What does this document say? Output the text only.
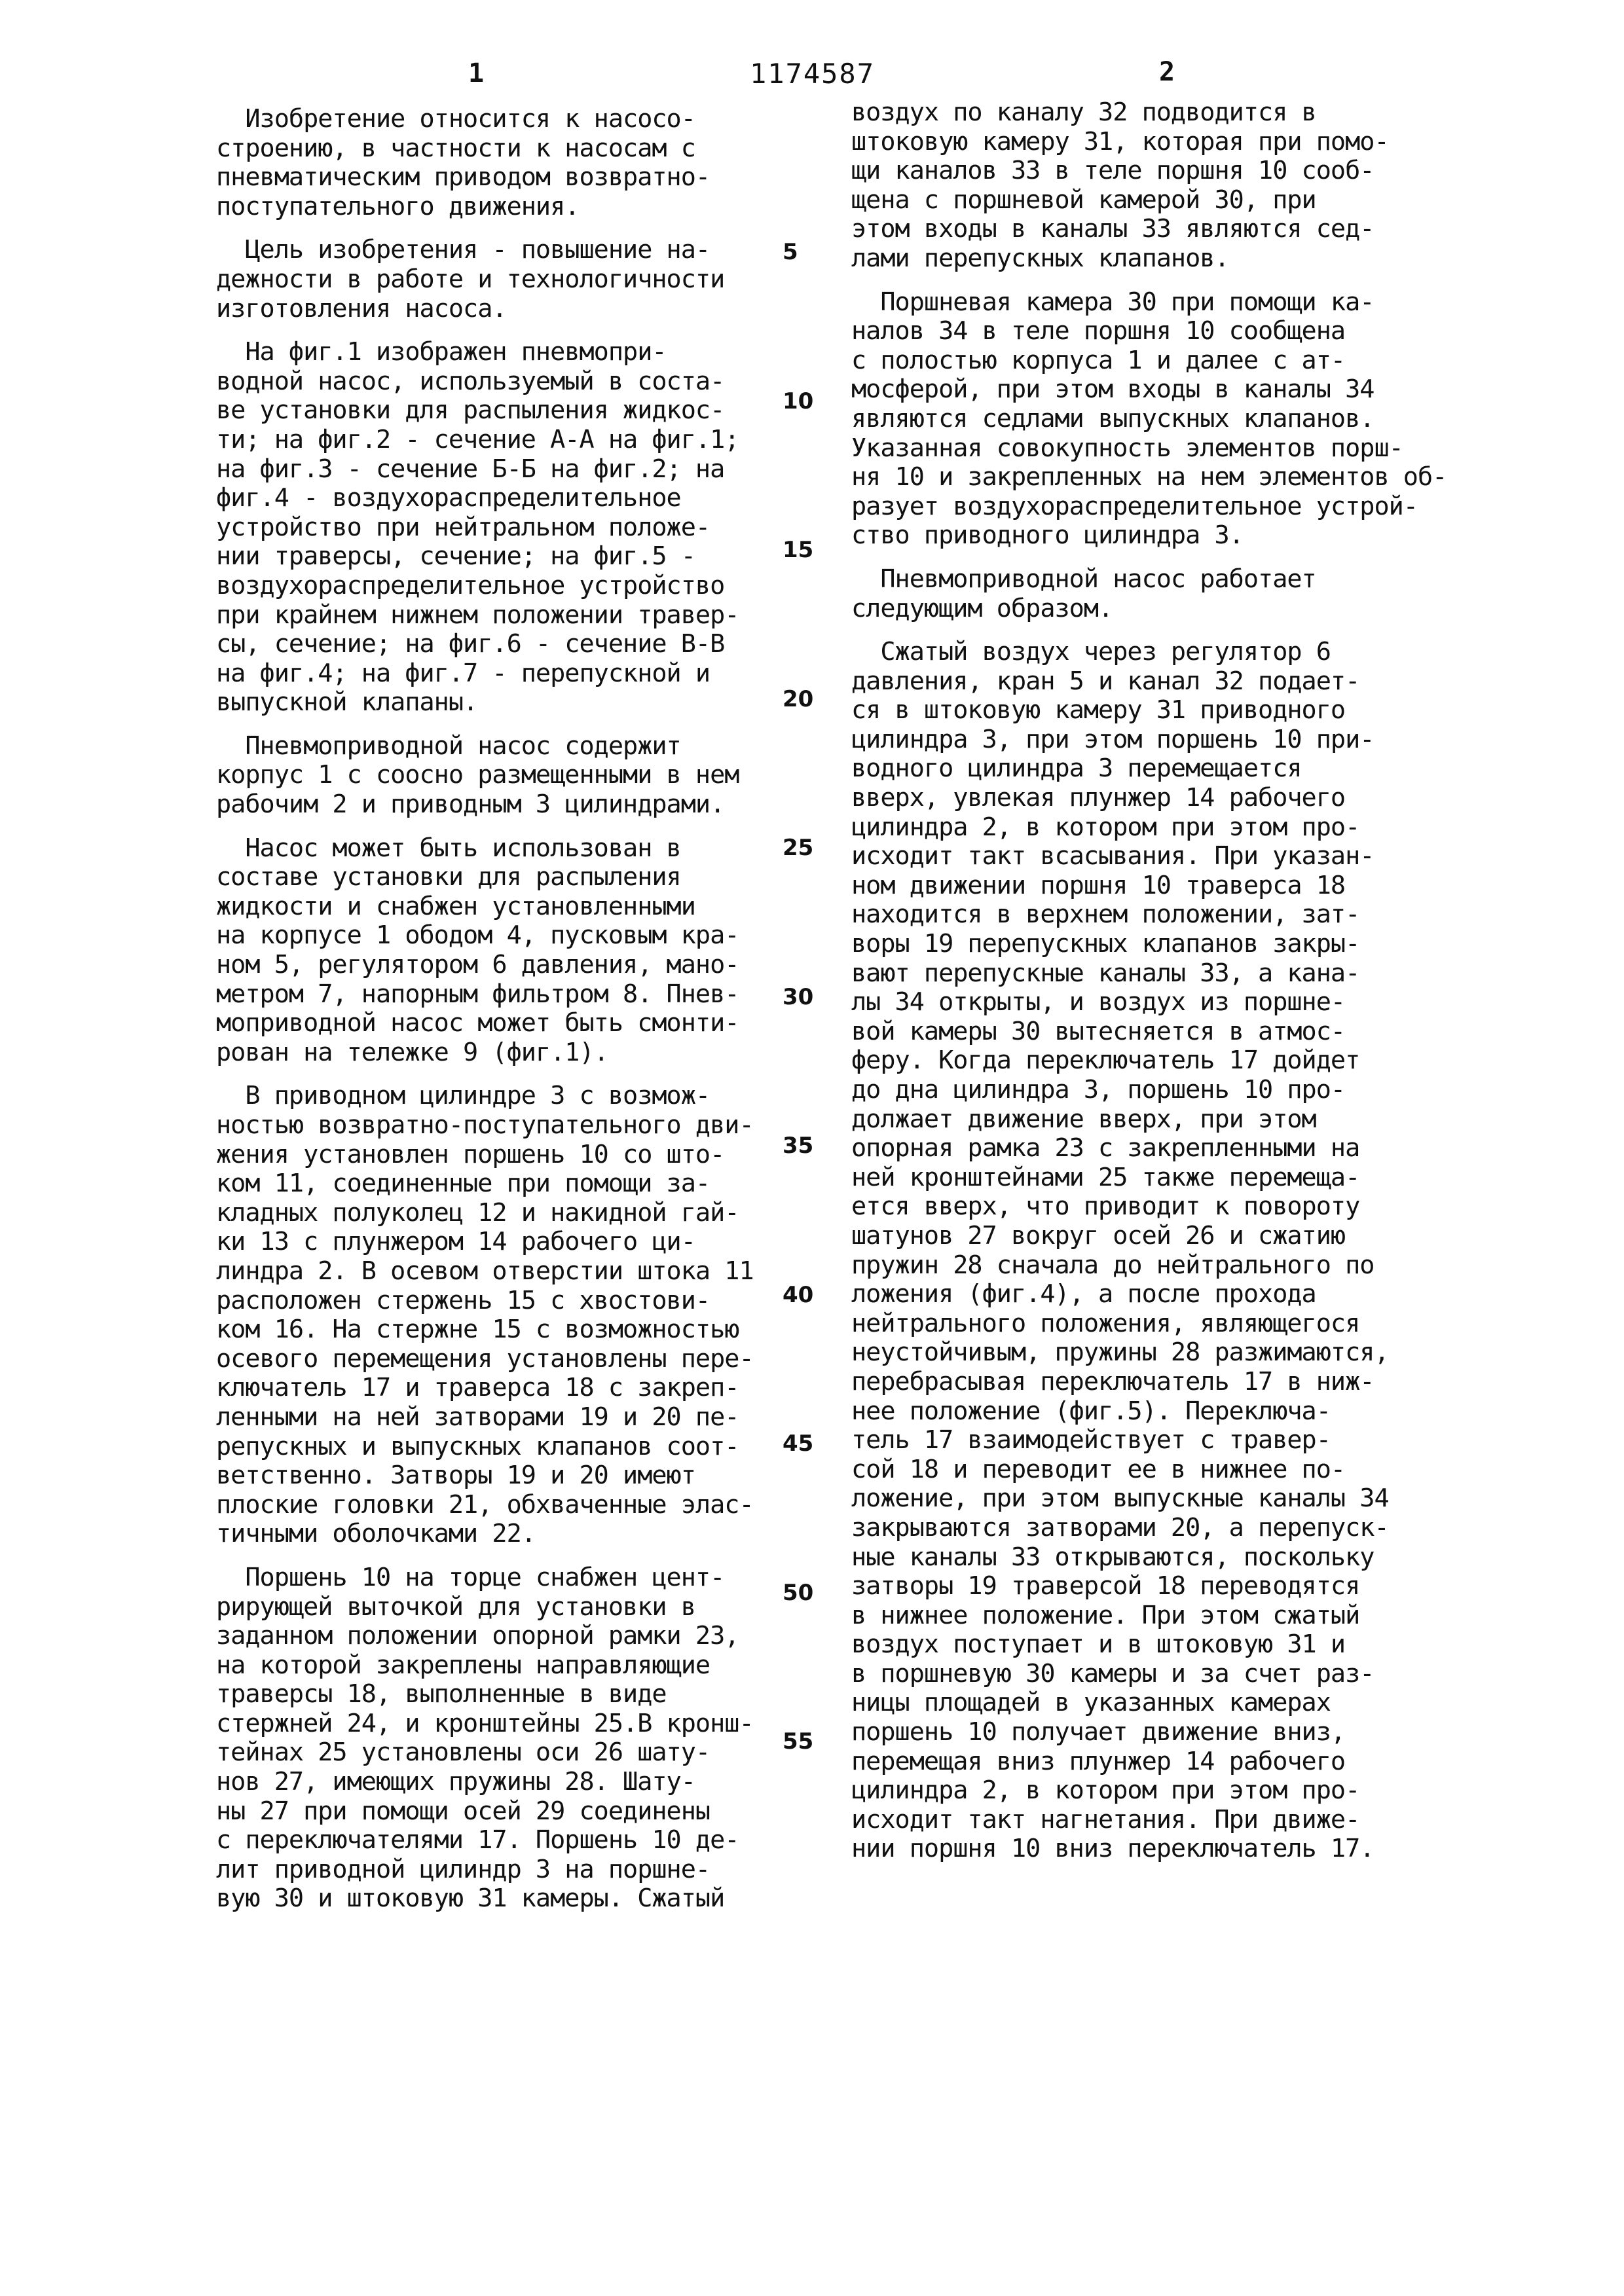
1	1174587	2
Изобретение относится к насосо-
строению, в частности к насосам с
пневматическим приводом возвратно-
поступательного движения.
Цель изобретения - повышение на-
дежности в работе и технологичности
изготовления насоса.
На фиг.1 изображен пневмопри-
водной насос, используемый в соста-
ве установки для распыления жидкос-
ти; на фиг.2 - сечение А-А на фиг.1;
на фиг.3 - сечение Б-Б на фиг.2; на
фиг.4 - воздухораспределительное
устройство при нейтральном положе-
нии траверсы, сечение; на фиг.5 -
воздухораспределительное устройство
при крайнем нижнем положении травер-
сы, сечение; на фиг.6 - сечение В-В
на фиг.4; на фиг.7 - перепускной и
выпускной клапаны.
Пневмоприводной насос содержит
корпус 1 с соосно размещенными в нем
рабочим 2 и приводным 3 цилиндрами.
Насос может быть использован в
составе установки для распыления
жидкости и снабжен установленными
на корпусе 1 ободом 4, пусковым кра-
ном 5, регулятором 6 давления, мано-
метром 7, напорным фильтром 8. Пнев-
моприводной насос может быть смонти-
рован на тележке 9 (фиг.1).
В приводном цилиндре 3 с возмож-
ностью возвратно-поступательного дви-
жения установлен поршень 10 со што-
ком 11, соединенные при помощи за-
кладных полуколец 12 и накидной гай-
ки 13 с плунжером 14 рабочего ци-
линдра 2. В осевом отверстии штока 11
расположен стержень 15 с хвостови-
ком 16. На стержне 15 с возможностью
осевого перемещения установлены пере-
ключатель 17 и траверса 18 с закреп-
ленными на ней затворами 19 и 20 пе-
репускных и выпускных клапанов соот-
ветственно. Затворы 19 и 20 имеют
плоские головки 21, обхваченные элас-
тичными оболочками 22.
Поршень 10 на торце снабжен цент-
рирующей выточкой для установки в
заданном положении опорной рамки 23,
на которой закреплены направляющие
траверсы 18, выполненные в виде
стержней 24, и кронштейны 25.В кронш-
тейнах 25 установлены оси 26 шату-
нов 27, имеющих пружины 28. Шату-
ны 27 при помощи осей 29 соединены
с переключателями 17. Поршень 10 де-
лит приводной цилиндр 3 на поршне-
вую 30 и штоковую 31 камеры. Сжатый
5
10
15
20
25
30
35
40
45
50
55
воздух по каналу 32 подводится в
штоковую камеру 31, которая при помо-
щи каналов 33 в теле поршня 10 сооб-
щена с поршневой камерой 30, при
этом входы в каналы 33 являются сед-
лами перепускных клапанов.
Поршневая камера 30 при помощи ка-
налов 34 в теле поршня 10 сообщена
с полостью корпуса 1 и далее с ат-
мосферой, при этом входы в каналы 34
являются седлами выпускных клапанов.
Указанная совокупность элементов порш-
ня 10 и закрепленных на нем элементов об-
разует воздухораспределительное устрой-
ство приводного цилиндра 3.
Пневмоприводной насос работает
следующим образом.
Сжатый воздух через регулятор 6
давления, кран 5 и канал 32 подает-
ся в штоковую камеру 31 приводного
цилиндра 3, при этом поршень 10 при-
водного цилиндра 3 перемещается
вверх, увлекая плунжер 14 рабочего
цилиндра 2, в котором при этом про-
исходит такт всасывания. При указан-
ном движении поршня 10 траверса 18
находится в верхнем положении, зат-
воры 19 перепускных клапанов закры-
вают перепускные каналы 33, а кана-
лы 34 открыты, и воздух из поршне-
вой камеры 30 вытесняется в атмос-
феру. Когда переключатель 17 дойдет
до дна цилиндра 3, поршень 10 про-
должает движение вверх, при этом
опорная рамка 23 с закрепленными на
ней кронштейнами 25 также перемеща-
ется вверх, что приводит к повороту
шатунов 27 вокруг осей 26 и сжатию
пружин 28 сначала до нейтрального по
ложения (фиг.4), а после прохода
нейтрального положения, являющегося
неустойчивым, пружины 28 разжимаются,
перебрасывая переключатель 17 в ниж-
нее положение (фиг.5). Переключа-
тель 17 взаимодействует с травер-
сой 18 и переводит ее в нижнее по-
ложение, при этом выпускные каналы 34
закрываются затворами 20, а перепуск-
ные каналы 33 открываются, поскольку
затворы 19 траверсой 18 переводятся
в нижнее положение. При этом сжатый
воздух поступает и в штоковую 31 и
в поршневую 30 камеры и за счет раз-
ницы площадей в указанных камерах
поршень 10 получает движение вниз,
перемещая вниз плунжер 14 рабочего
цилиндра 2, в котором при этом про-
исходит такт нагнетания. При движе-
нии поршня 10 вниз переключатель 17.
